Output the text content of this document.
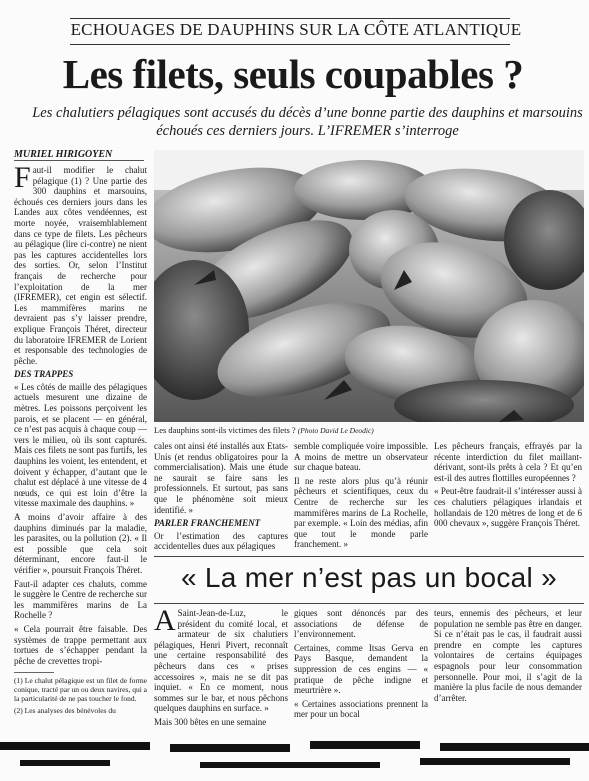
ECHOUAGES DE DAUPHINS SUR LA CÔTE ATLANTIQUE
Les filets, seuls coupables ?
Les chalutiers pélagiques sont accusés du décès d’une bonne partie des dauphins et marsouins échoués ces derniers jours. L’IFREMER s’interroge
MURIEL HIRIGOYEN

Faut-il modifier le chalut pélagique (1) ? Une partie des 300 dauphins et marsouins, échoués ces derniers jours dans les Landes aux côtes vendéennes, est morte noyée, vraisemblablement dans ce type de filets. Les pêcheurs au pélagique (lire ci-contre) ne nient pas les captures accidentelles lors des sorties. Or, selon l’Institut français de recherche pour l’exploitation de la mer (IFREMER), cet engin est sélectif. Les mammifères marins ne devraient pas s’y laisser prendre, explique François Théret, directeur du laboratoire IFREMER de Lorient et responsable des technologies de pêche.

DES TRAPPES

« Les côtés de maille des pélagiques actuels mesurent une dizaine de mètres. Les poissons perçoivent les parois, et se placent — en général, ce n’est pas acquis à chaque coup — vers le milieu, où ils sont capturés. Mais ces filets ne sont pas furtifs, les dauphins les voient, les entendent, et doivent y échapper, d’autant que le chalut est déplacé à une vitesse de 4 nœuds, ce qui est loin d’être la vitesse maximale des dauphins. »

A moins d’avoir affaire à des dauphins diminués par la maladie, les parasites, ou la pollution (2). « Il est possible que cela soit déterminant, encore faut-il le vérifier », poursuit François Théret.

Faut-il adapter ces chaluts, comme le suggère le Centre de recherche sur les mammifères marins de La Rochelle ?

« Cela pourrait être faisable. Des systèmes de trappe permettant aux tortues de s’échapper pendant la pêche de crevettes tropi-

(1) Le chalut pélagique est un filet de forme conique, tracté par un ou deux navires, qui a la particularité de ne pas toucher le fond.

(2) Les analyses des bénévoles du

Les dauphins sont-ils victimes des filets ? (Photo David Le Deodic)

cales ont ainsi été installés aux Etats-Unis (et rendus obligatoires pour la commercialisation). Mais une étude ne saurait se faire sans les professionnels. Et surtout, pas sans que le phénomène soit mieux identifié. »

PARLER FRANCHEMENT

Or l’estimation des captures accidentelles dues aux pélagiques

semble compliquée voire impossible. A moins de mettre un observateur sur chaque bateau.

Il ne reste alors plus qu’à réunir pêcheurs et scientifiques, ceux du Centre de recherche sur les mammifères marins de La Rochelle, par exemple. « Loin des médias, afin que tout le monde parle franchement. »

Les pêcheurs français, effrayés par la récente interdiction du filet maillant-dérivant, sont-ils prêts à cela ? Et qu’en est-il des autres flottilles européennes ?

« Peut-être faudrait-il s’intéresser aussi à ces chalutiers pélagiques irlandais et hollandais de 120 mètres de long et de 6 000 chevaux », suggère François Théret.

« La mer n’est pas un bocal »

A Saint-Jean-de-Luz, le président du comité local, et armateur de six chalutiers pélagiques, Henri Pivert, reconnaît une certaine responsabilité des pêcheurs dans ces « prises accessoires », mais ne se dit pas inquiet. « En ce moment, nous sommes sur le bar, et nous pêchons quelques dauphins en surface. »

Mais 300 bêtes en une semaine

giques sont dénoncés par des associations de défense de l’environnement.

Certaines, comme Itsas Gerva en Pays Basque, demandent la suppression de ces engins — « pratique de pêche indigne et meurtrière ».

« Certaines associations prennent la mer pour un bocal

teurs, ennemis des pêcheurs, et leur population ne semble pas être en danger. Si ce n’était pas le cas, il faudrait aussi prendre en compte les captures volontaires de certains équipages espagnols pour leur consommation personnelle. Pour moi, il s’agit de la manière la plus facile de nous demander d’arrêter.
